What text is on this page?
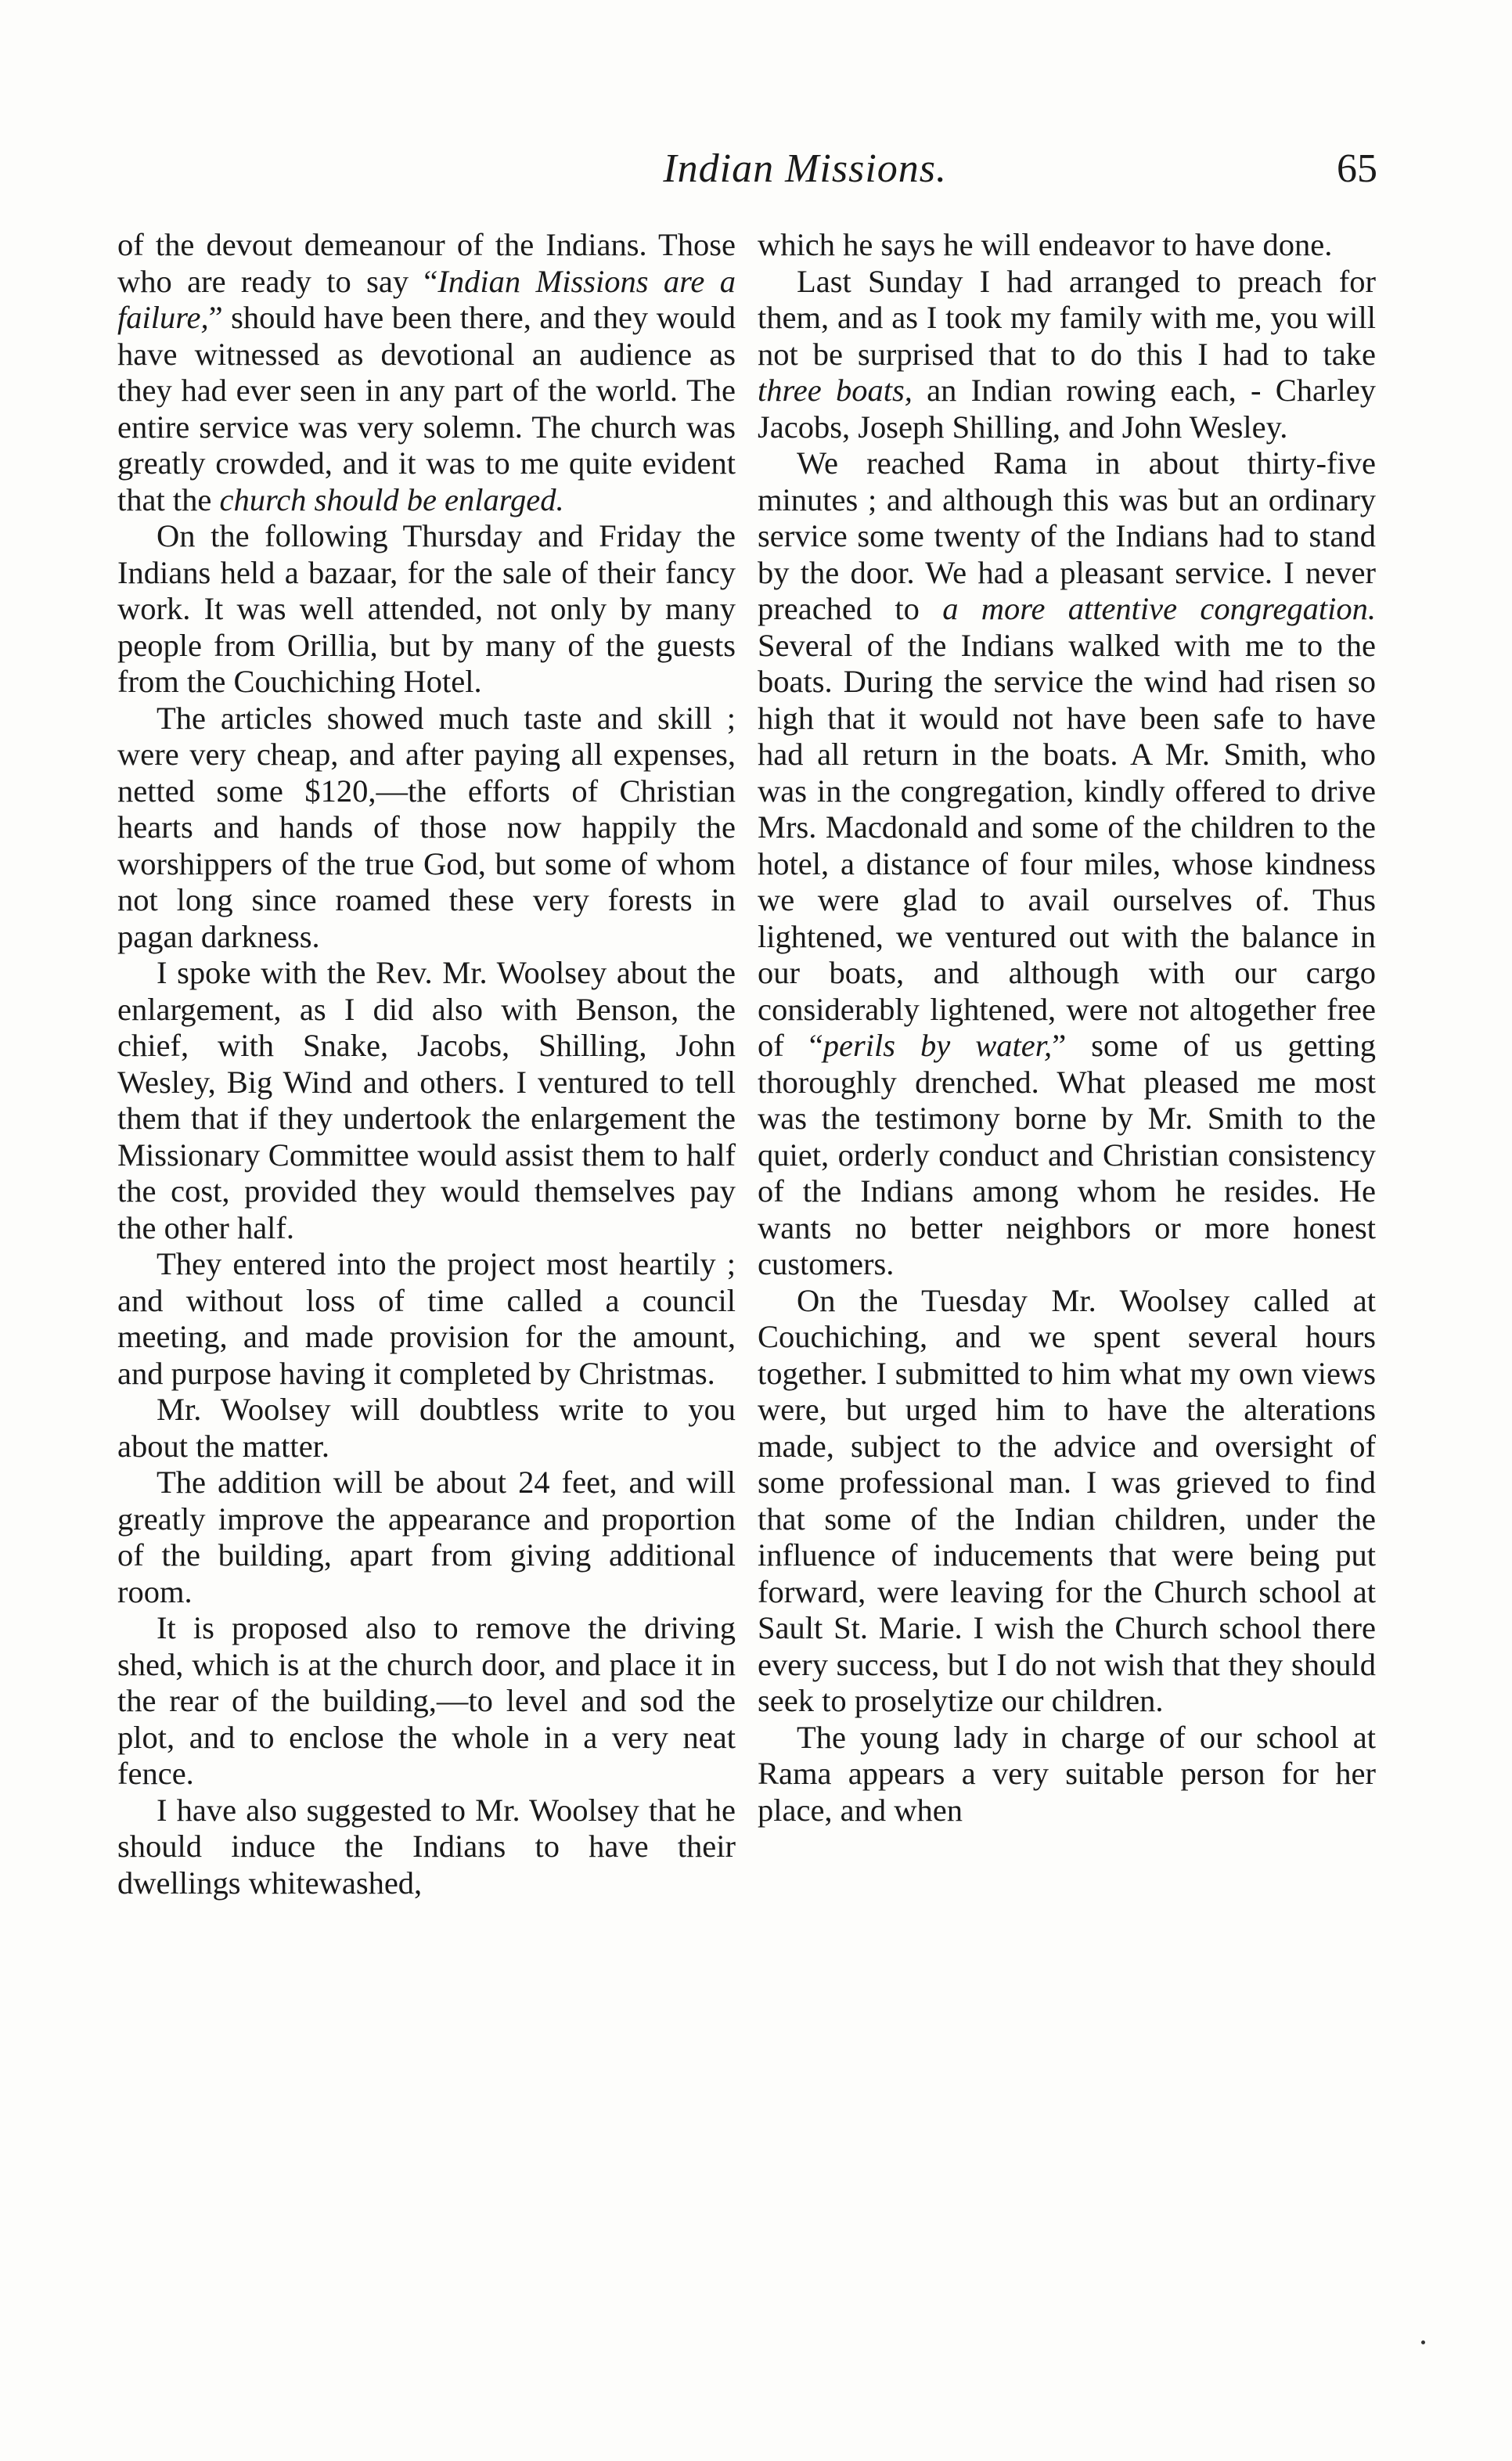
Indian Missions.	65

of the devout demeanour of the Indians. Those who are ready to say “Indian Missions are a failure,” should have been there, and they would have witnessed as devotional an audience as they had ever seen in any part of the world. The entire service was very solemn. The church was greatly crowded, and it was to me quite evident that the church should be enlarged.

On the following Thursday and Friday the Indians held a bazaar, for the sale of their fancy work. It was well attended, not only by many people from Orillia, but by many of the guests from the Couchiching Hotel.

The articles showed much taste and skill ; were very cheap, and after paying all expenses, netted some $120,—the efforts of Christian hearts and hands of those now happily the worshippers of the true God, but some of whom not long since roamed these very forests in pagan darkness.

I spoke with the Rev. Mr. Woolsey about the enlargement, as I did also with Benson, the chief, with Snake, Jacobs, Shilling, John Wesley, Big Wind and others. I ventured to tell them that if they undertook the enlargement the Missionary Committee would assist them to half the cost, provided they would themselves pay the other half.

They entered into the project most heartily ; and without loss of time called a council meeting, and made provision for the amount, and purpose having it completed by Christmas.

Mr. Woolsey will doubtless write to you about the matter.

The addition will be about 24 feet, and will greatly improve the appearance and proportion of the building, apart from giving additional room.

It is proposed also to remove the driving shed, which is at the church door, and place it in the rear of the building,—to level and sod the plot, and to enclose the whole in a very neat fence.

I have also suggested to Mr. Woolsey that he should induce the Indians to have their dwellings whitewashed,

which he says he will endeavor to have done.

Last Sunday I had arranged to preach for them, and as I took my family with me, you will not be surprised that to do this I had to take three boats, an Indian rowing each, - Charley Jacobs, Joseph Shilling, and John Wesley.

We reached Rama in about thirty-five minutes ; and although this was but an ordinary service some twenty of the Indians had to stand by the door. We had a pleasant service. I never preached to a more attentive congregation. Several of the Indians walked with me to the boats. During the service the wind had risen so high that it would not have been safe to have had all return in the boats. A Mr. Smith, who was in the congregation, kindly offered to drive Mrs. Macdonald and some of the children to the hotel, a distance of four miles, whose kindness we were glad to avail ourselves of. Thus lightened, we ventured out with the balance in our boats, and although with our cargo considerably lightened, were not altogether free of “perils by water,” some of us getting thoroughly drenched. What pleased me most was the testimony borne by Mr. Smith to the quiet, orderly conduct and Christian consistency of the Indians among whom he resides. He wants no better neighbors or more honest customers.

On the Tuesday Mr. Woolsey called at Couchiching, and we spent several hours together. I submitted to him what my own views were, but urged him to have the alterations made, subject to the advice and oversight of some professional man. I was grieved to find that some of the Indian children, under the influence of inducements that were being put forward, were leaving for the Church school at Sault St. Marie. I wish the Church school there every success, but I do not wish that they should seek to proselytize our children.

The young lady in charge of our school at Rama appears a very suitable person for her place, and when
